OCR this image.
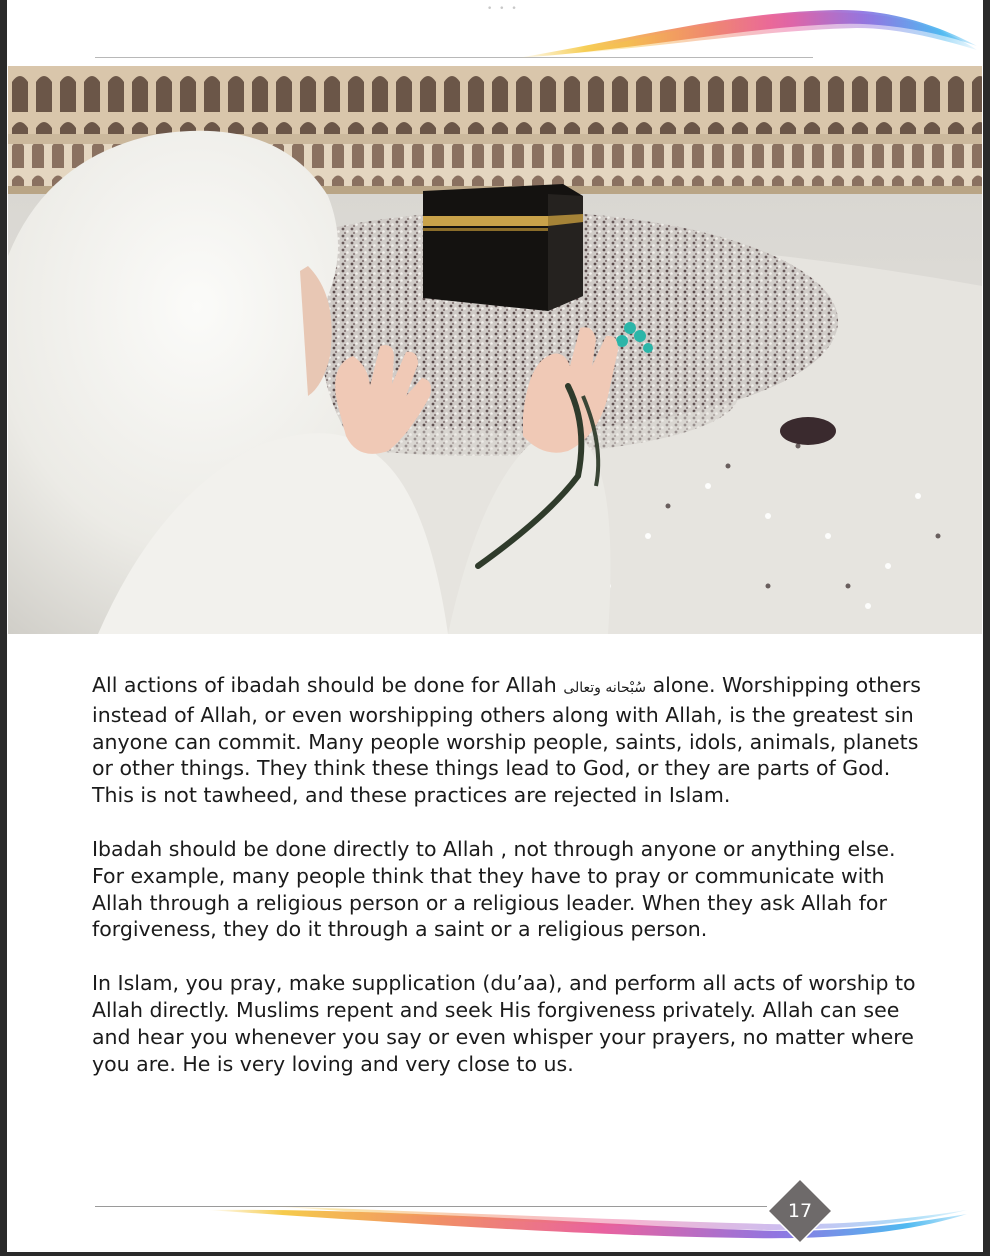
• • •

All actions of ibadah should be done for Allah سُبْحانه وتعالى alone. Worshipping others instead of Allah, or even worshipping others along with Allah, is the greatest sin anyone can commit. Many people worship people, saints, idols, animals, planets or other things. They think these things lead to God, or they are parts of God. This is not tawheed, and these practices are rejected in Islam.

Ibadah should be done directly to Allah , not through anyone or anything else. For example, many people think that they have to pray or communicate with Allah through a religious person or a religious leader. When they ask Allah for forgiveness, they do it through a saint or a religious person.

In Islam, you pray, make supplication (du’aa), and perform all acts of worship to Allah directly. Muslims repent and seek His forgiveness privately. Allah can see and hear you whenever you say or even whisper your prayers, no matter where you are. He is very loving and very close to us.

17
